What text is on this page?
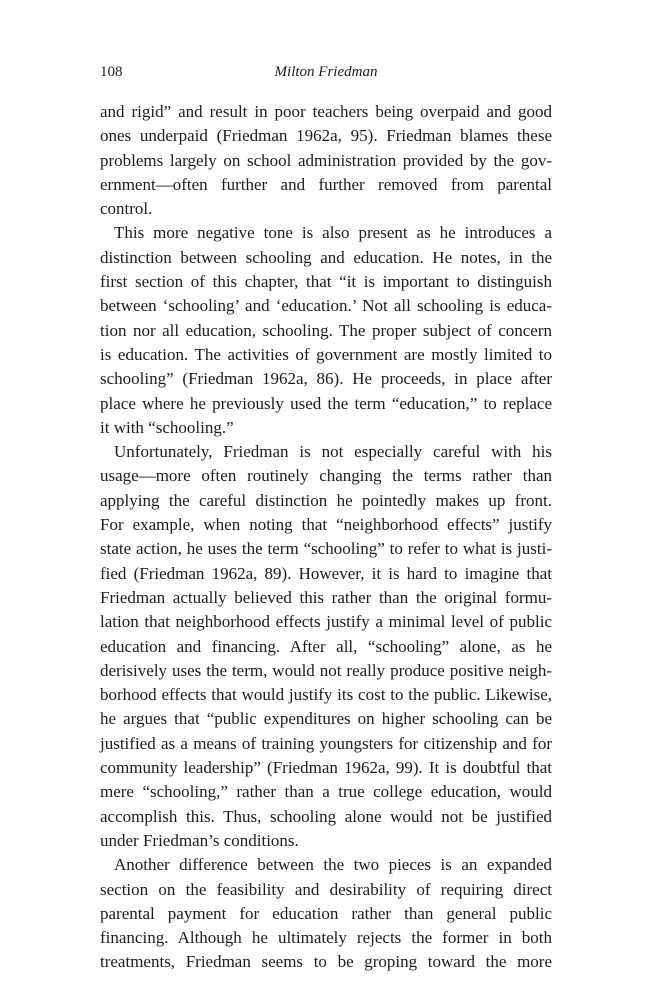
108	Milton Friedman
and rigid” and result in poor teachers being overpaid and good
ones underpaid (Friedman 1962a, 95). Friedman blames these
problems largely on school administration provided by the gov-
ernment—often further and further removed from parental
control.
This more negative tone is also present as he introduces a
distinction between schooling and education. He notes, in the
first section of this chapter, that “it is important to distinguish
between ‘schooling’ and ‘education.’ Not all schooling is educa-
tion nor all education, schooling. The proper subject of concern
is education. The activities of government are mostly limited to
schooling” (Friedman 1962a, 86). He proceeds, in place after
place where he previously used the term “education,” to replace
it with “schooling.”
Unfortunately, Friedman is not especially careful with his
usage—more often routinely changing the terms rather than
applying the careful distinction he pointedly makes up front.
For example, when noting that “neighborhood effects” justify
state action, he uses the term “schooling” to refer to what is justi-
fied (Friedman 1962a, 89). However, it is hard to imagine that
Friedman actually believed this rather than the original formu-
lation that neighborhood effects justify a minimal level of public
education and financing. After all, “schooling” alone, as he
derisively uses the term, would not really produce positive neigh-
borhood effects that would justify its cost to the public. Likewise,
he argues that “public expenditures on higher schooling can be
justified as a means of training youngsters for citizenship and for
community leadership” (Friedman 1962a, 99). It is doubtful that
mere “schooling,” rather than a true college education, would
accomplish this. Thus, schooling alone would not be justified
under Friedman’s conditions.
Another difference between the two pieces is an expanded
section on the feasibility and desirability of requiring direct
parental payment for education rather than general public
financing. Although he ultimately rejects the former in both
treatments, Friedman seems to be groping toward the more
